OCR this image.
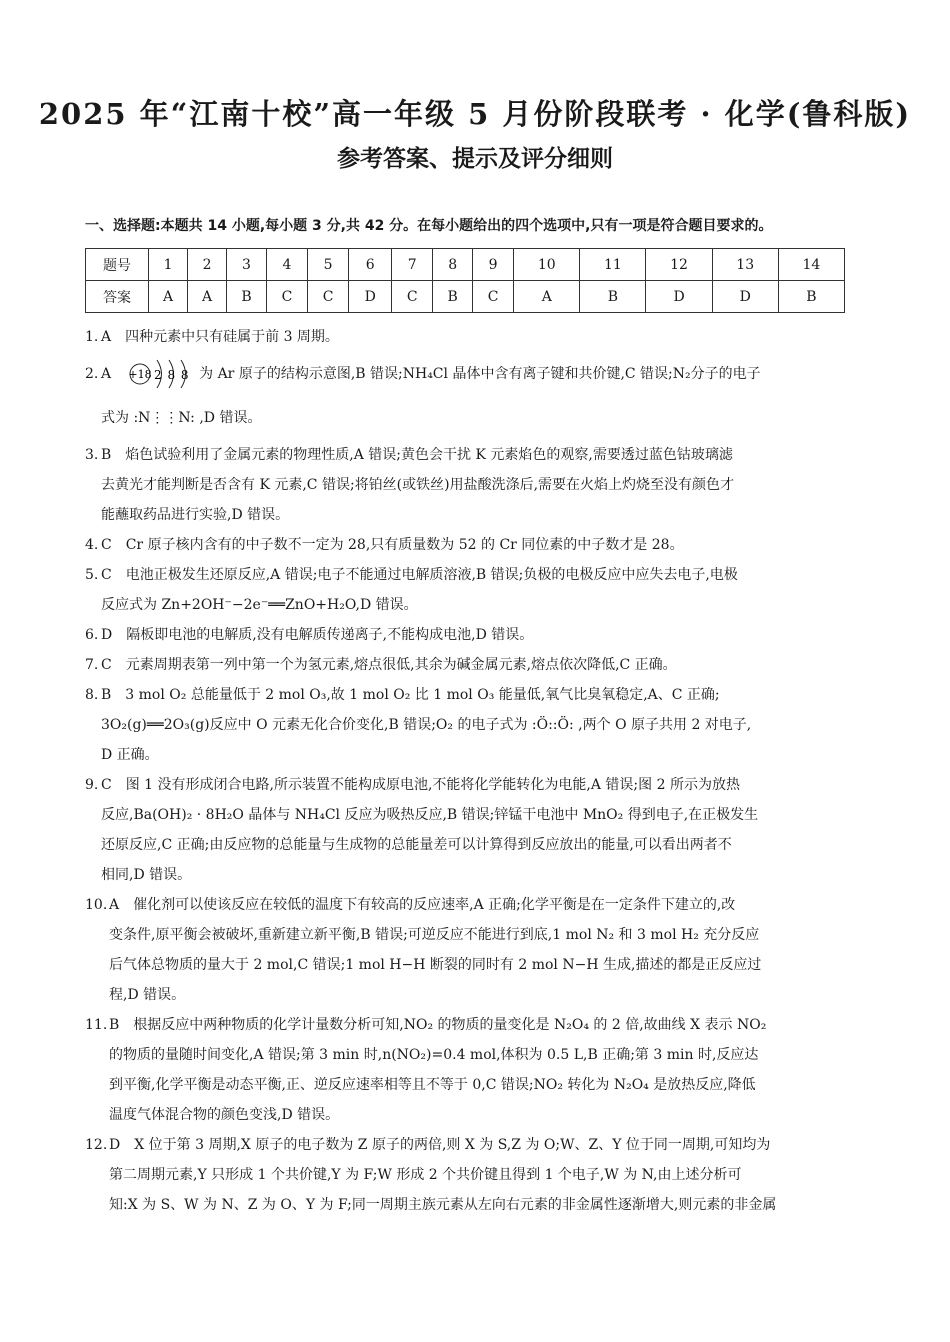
2025 年“江南十校”高一年级 5 月份阶段联考 · 化学(鲁科版)
参考答案、提示及评分细则
一、选择题:本题共 14 小题,每小题 3 分,共 42 分。在每小题给出的四个选项中,只有一项是符合题目要求的。
题号	1	2	3	4	5	6	7	8	9	10	11	12	13	14
答案	A	A	B	C	C	D	C	B	C	A	B	D	D	B
1. A 四种元素中只有硅属于前 3 周期。
2. A +18 2 8 8 为 Ar 原子的结构示意图,B 错误;NH₄Cl 晶体中含有离子键和共价键,C 错误;N₂分子的电子
式为 :N⋮⋮N: ,D 错误。
3. B 焰色试验利用了金属元素的物理性质,A 错误;黄色会干扰 K 元素焰色的观察,需要透过蓝色钴玻璃滤
去黄光才能判断是否含有 K 元素,C 错误;将铂丝(或铁丝)用盐酸洗涤后,需要在火焰上灼烧至没有颜色才
能蘸取药品进行实验,D 错误。
4. C Cr 原子核内含有的中子数不一定为 28,只有质量数为 52 的 Cr 同位素的中子数才是 28。
5. C 电池正极发生还原反应,A 错误;电子不能通过电解质溶液,B 错误;负极的电极反应中应失去电子,电极
反应式为 Zn+2OH⁻−2e⁻══ZnO+H₂O,D 错误。
6. D 隔板即电池的电解质,没有电解质传递离子,不能构成电池,D 错误。
7. C 元素周期表第一列中第一个为氢元素,熔点很低,其余为碱金属元素,熔点依次降低,C 正确。
8. B 3 mol O₂ 总能量低于 2 mol O₃,故 1 mol O₂ 比 1 mol O₃ 能量低,氧气比臭氧稳定,A、C 正确;
3O₂(g)══2O₃(g)反应中 O 元素无化合价变化,B 错误;O₂ 的电子式为 :Ö::Ö: ,两个 O 原子共用 2 对电子,
D 正确。
9. C 图 1 没有形成闭合电路,所示装置不能构成原电池,不能将化学能转化为电能,A 错误;图 2 所示为放热
反应,Ba(OH)₂ · 8H₂O 晶体与 NH₄Cl 反应为吸热反应,B 错误;锌锰干电池中 MnO₂ 得到电子,在正极发生
还原反应,C 正确;由反应物的总能量与生成物的总能量差可以计算得到反应放出的能量,可以看出两者不
相同,D 错误。
10. A 催化剂可以使该反应在较低的温度下有较高的反应速率,A 正确;化学平衡是在一定条件下建立的,改
变条件,原平衡会被破坏,重新建立新平衡,B 错误;可逆反应不能进行到底,1 mol N₂ 和 3 mol H₂ 充分反应
后气体总物质的量大于 2 mol,C 错误;1 mol H−H 断裂的同时有 2 mol N−H 生成,描述的都是正反应过
程,D 错误。
11. B 根据反应中两种物质的化学计量数分析可知,NO₂ 的物质的量变化是 N₂O₄ 的 2 倍,故曲线 X 表示 NO₂
的物质的量随时间变化,A 错误;第 3 min 时,n(NO₂)=0.4 mol,体积为 0.5 L,B 正确;第 3 min 时,反应达
到平衡,化学平衡是动态平衡,正、逆反应速率相等且不等于 0,C 错误;NO₂ 转化为 N₂O₄ 是放热反应,降低
温度气体混合物的颜色变浅,D 错误。
12. D X 位于第 3 周期,X 原子的电子数为 Z 原子的两倍,则 X 为 S,Z 为 O;W、Z、Y 位于同一周期,可知均为
第二周期元素,Y 只形成 1 个共价键,Y 为 F;W 形成 2 个共价键且得到 1 个电子,W 为 N,由上述分析可
知:X 为 S、W 为 N、Z 为 O、Y 为 F;同一周期主族元素从左向右元素的非金属性逐渐增大,则元素的非金属
